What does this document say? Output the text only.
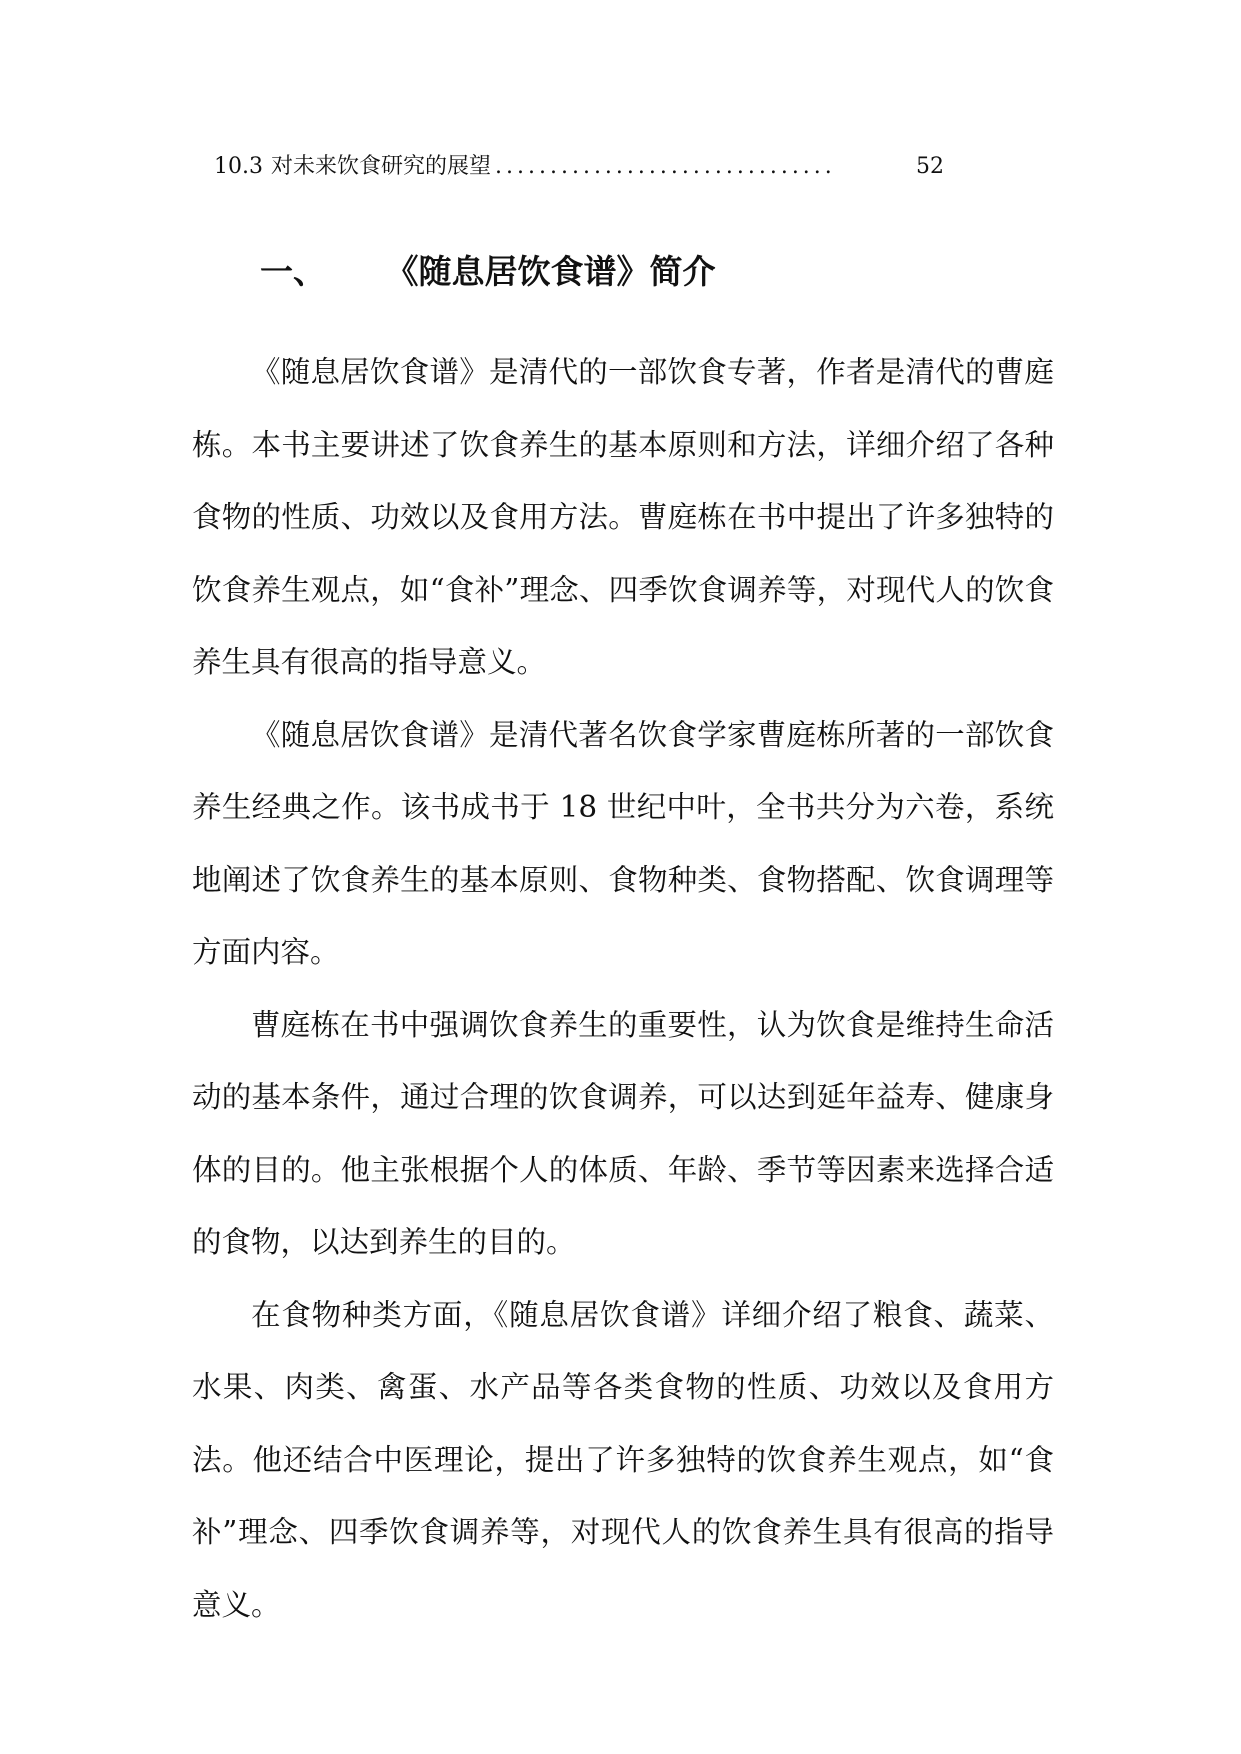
10.3 对未来饮食研究的展望 ...............................	52
一、 《随息居饮食谱》简介

《随息居饮食谱》是清代的一部饮食专著，作者是清代的曹庭栋。本书主要讲述了饮食养生的基本原则和方法，详细介绍了各种食物的性质、功效以及食用方法。曹庭栋在书中提出了许多独特的饮食养生观点，如“食补”理念、四季饮食调养等，对现代人的饮食养生具有很高的指导意义。

《随息居饮食谱》是清代著名饮食学家曹庭栋所著的一部饮食养生经典之作。该书成书于 18 世纪中叶，全书共分为六卷，系统地阐述了饮食养生的基本原则、食物种类、食物搭配、饮食调理等方面内容。

曹庭栋在书中强调饮食养生的重要性，认为饮食是维持生命活动的基本条件，通过合理的饮食调养，可以达到延年益寿、健康身体的目的。他主张根据个人的体质、年龄、季节等因素来选择合适的食物，以达到养生的目的。

在食物种类方面，《随息居饮食谱》详细介绍了粮食、蔬菜、水果、肉类、禽蛋、水产品等各类食物的性质、功效以及食用方法。他还结合中医理论，提出了许多独特的饮食养生观点，如“食补”理念、四季饮食调养等，对现代人的饮食养生具有很高的指导意义。
